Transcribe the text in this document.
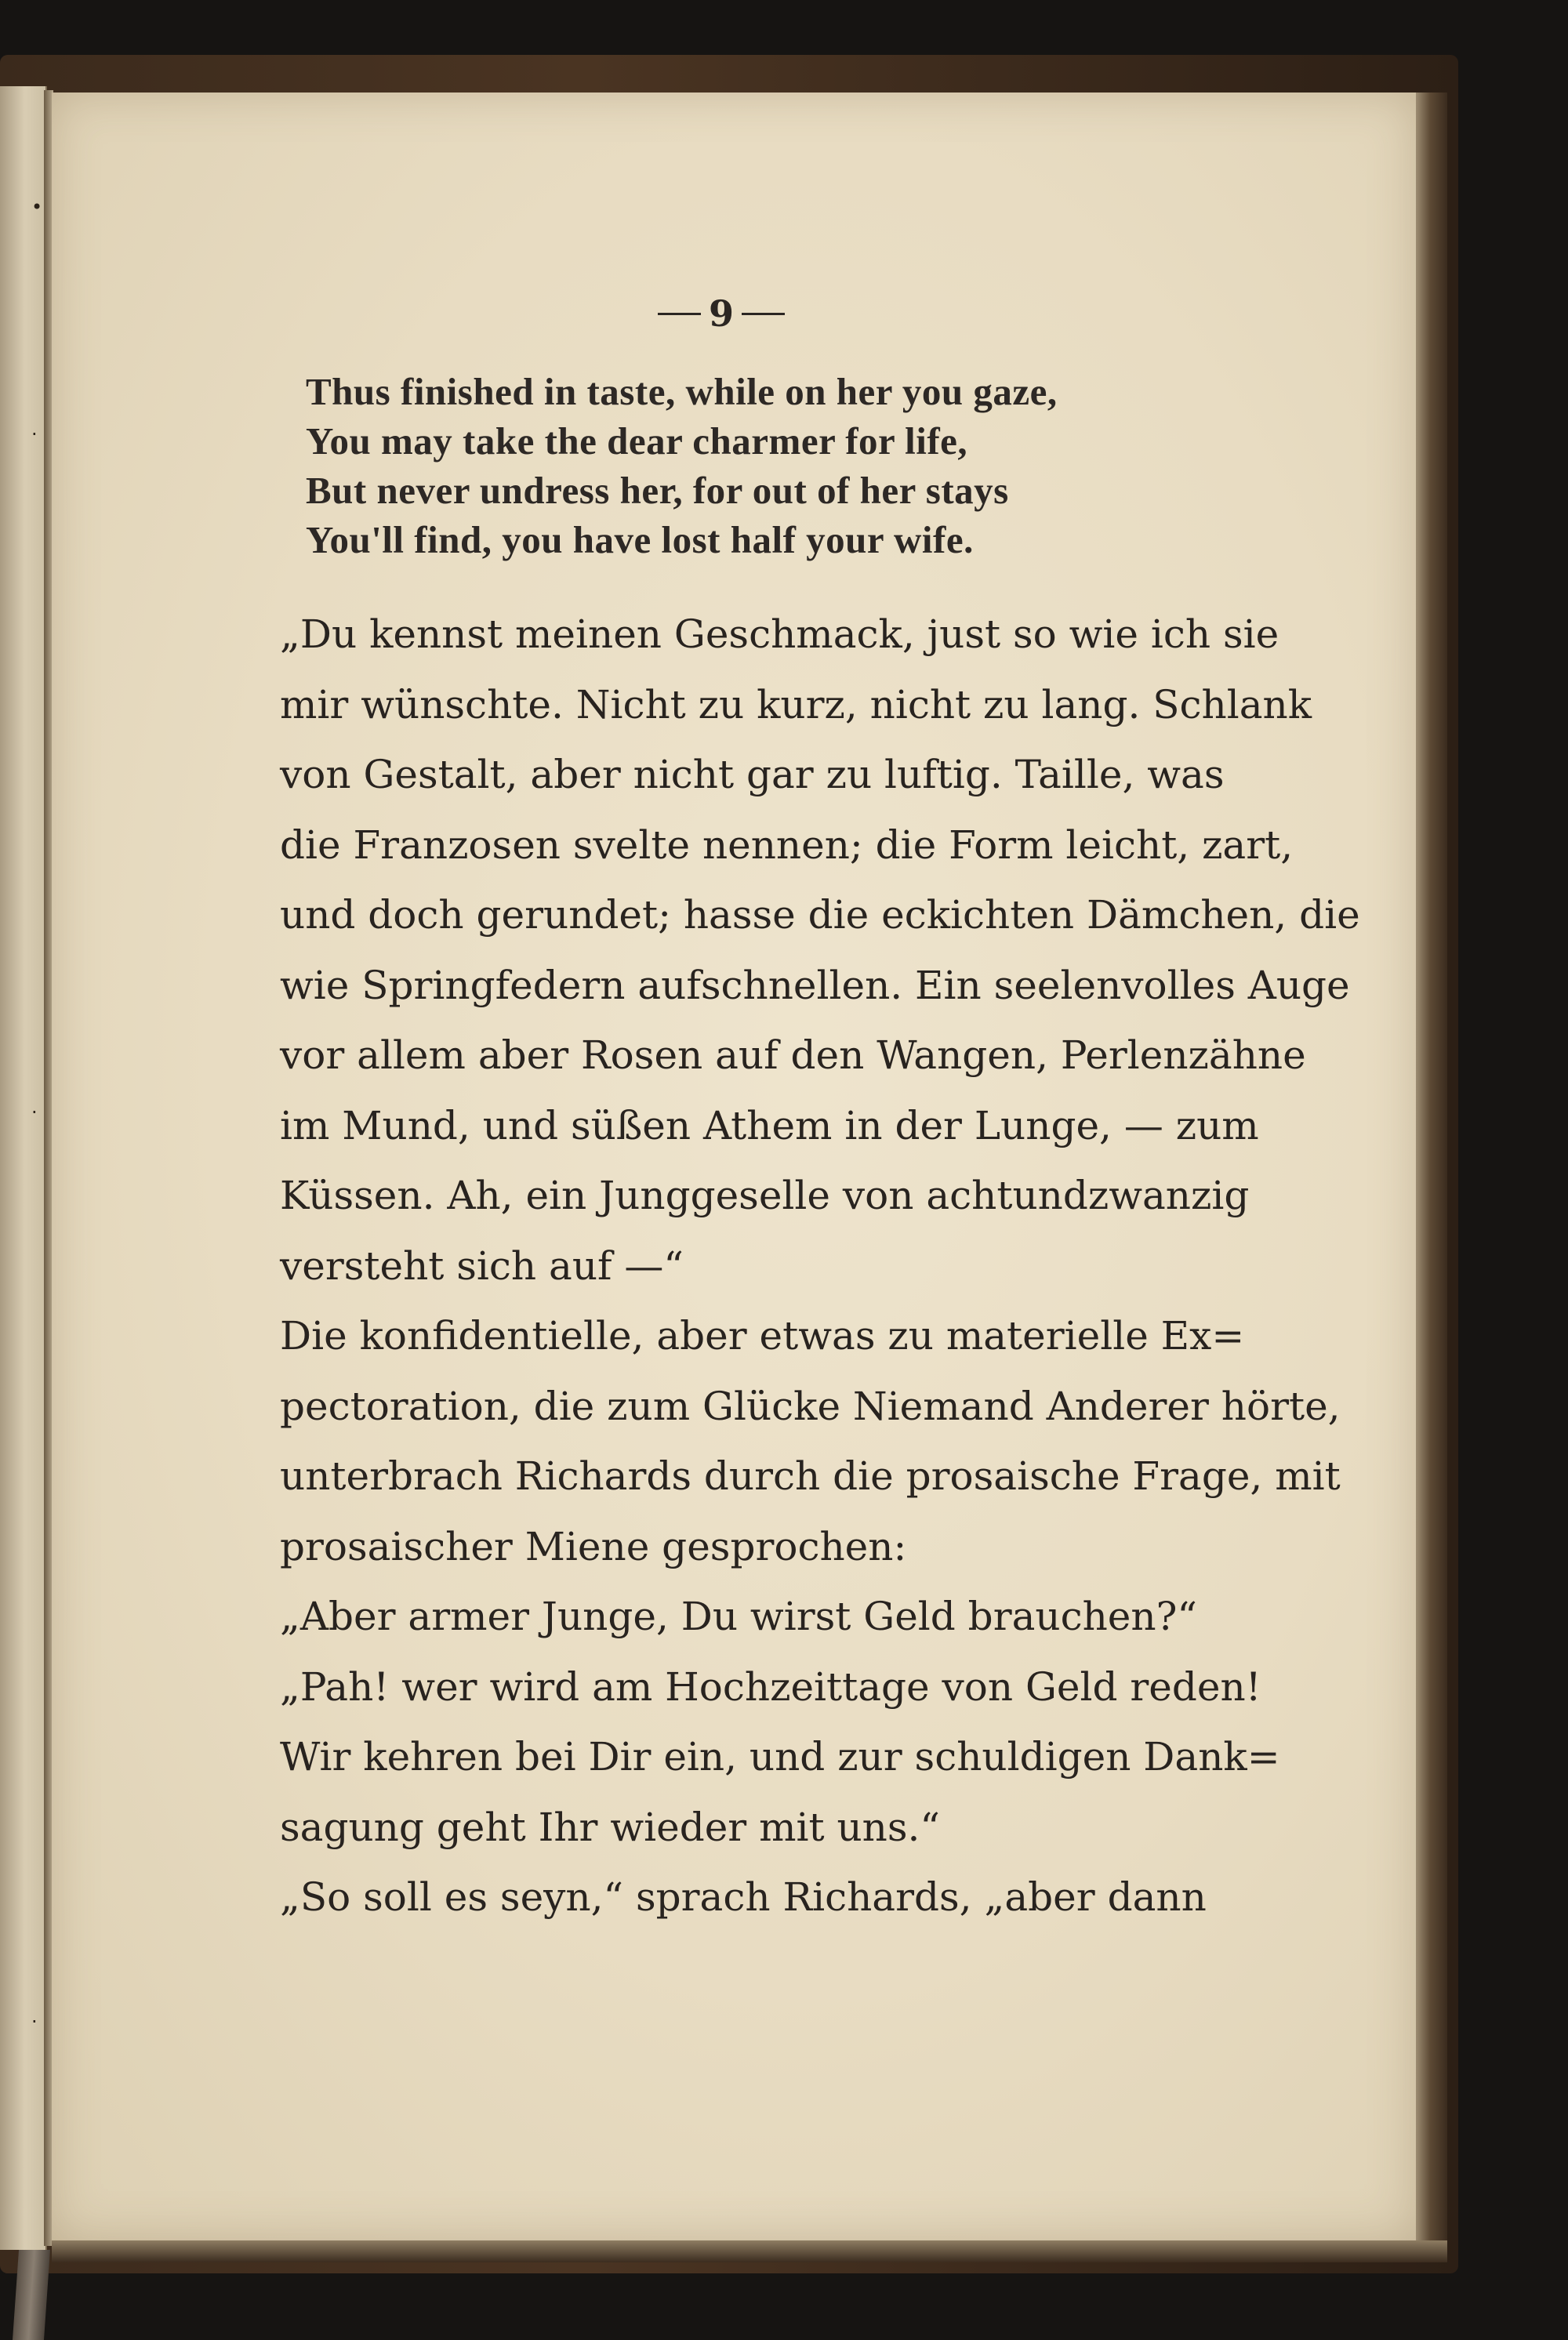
•
·
·
·
9
Thus finished in taste, while on her you gaze,
You may take the dear charmer for life,
But never undress her, for out of her stays
You'll find, you have lost half your wife.

„Du kennst meinen Geschmack, just so wie ich sie
mir wünschte. Nicht zu kurz, nicht zu lang. Schlank
von Gestalt, aber nicht gar zu luftig. Taille, was
die Franzosen svelte nennen; die Form leicht, zart,
und doch gerundet; hasse die eckichten Dämchen, die
wie Springfedern aufschnellen. Ein seelenvolles Auge
vor allem aber Rosen auf den Wangen, Perlenzähne
im Mund, und süßen Athem in der Lunge, — zum
Küssen. Ah, ein Junggeselle von achtundzwanzig
versteht sich auf —“

Die konfidentielle, aber etwas zu materielle Ex=
pectoration, die zum Glücke Niemand Anderer hörte,
unterbrach Richards durch die prosaische Frage, mit
prosaischer Miene gesprochen:

„Aber armer Junge, Du wirst Geld brauchen?“

„Pah! wer wird am Hochzeittage von Geld reden!
Wir kehren bei Dir ein, und zur schuldigen Dank=
sagung geht Ihr wieder mit uns.“

„So soll es seyn,“ sprach Richards, „aber dann
